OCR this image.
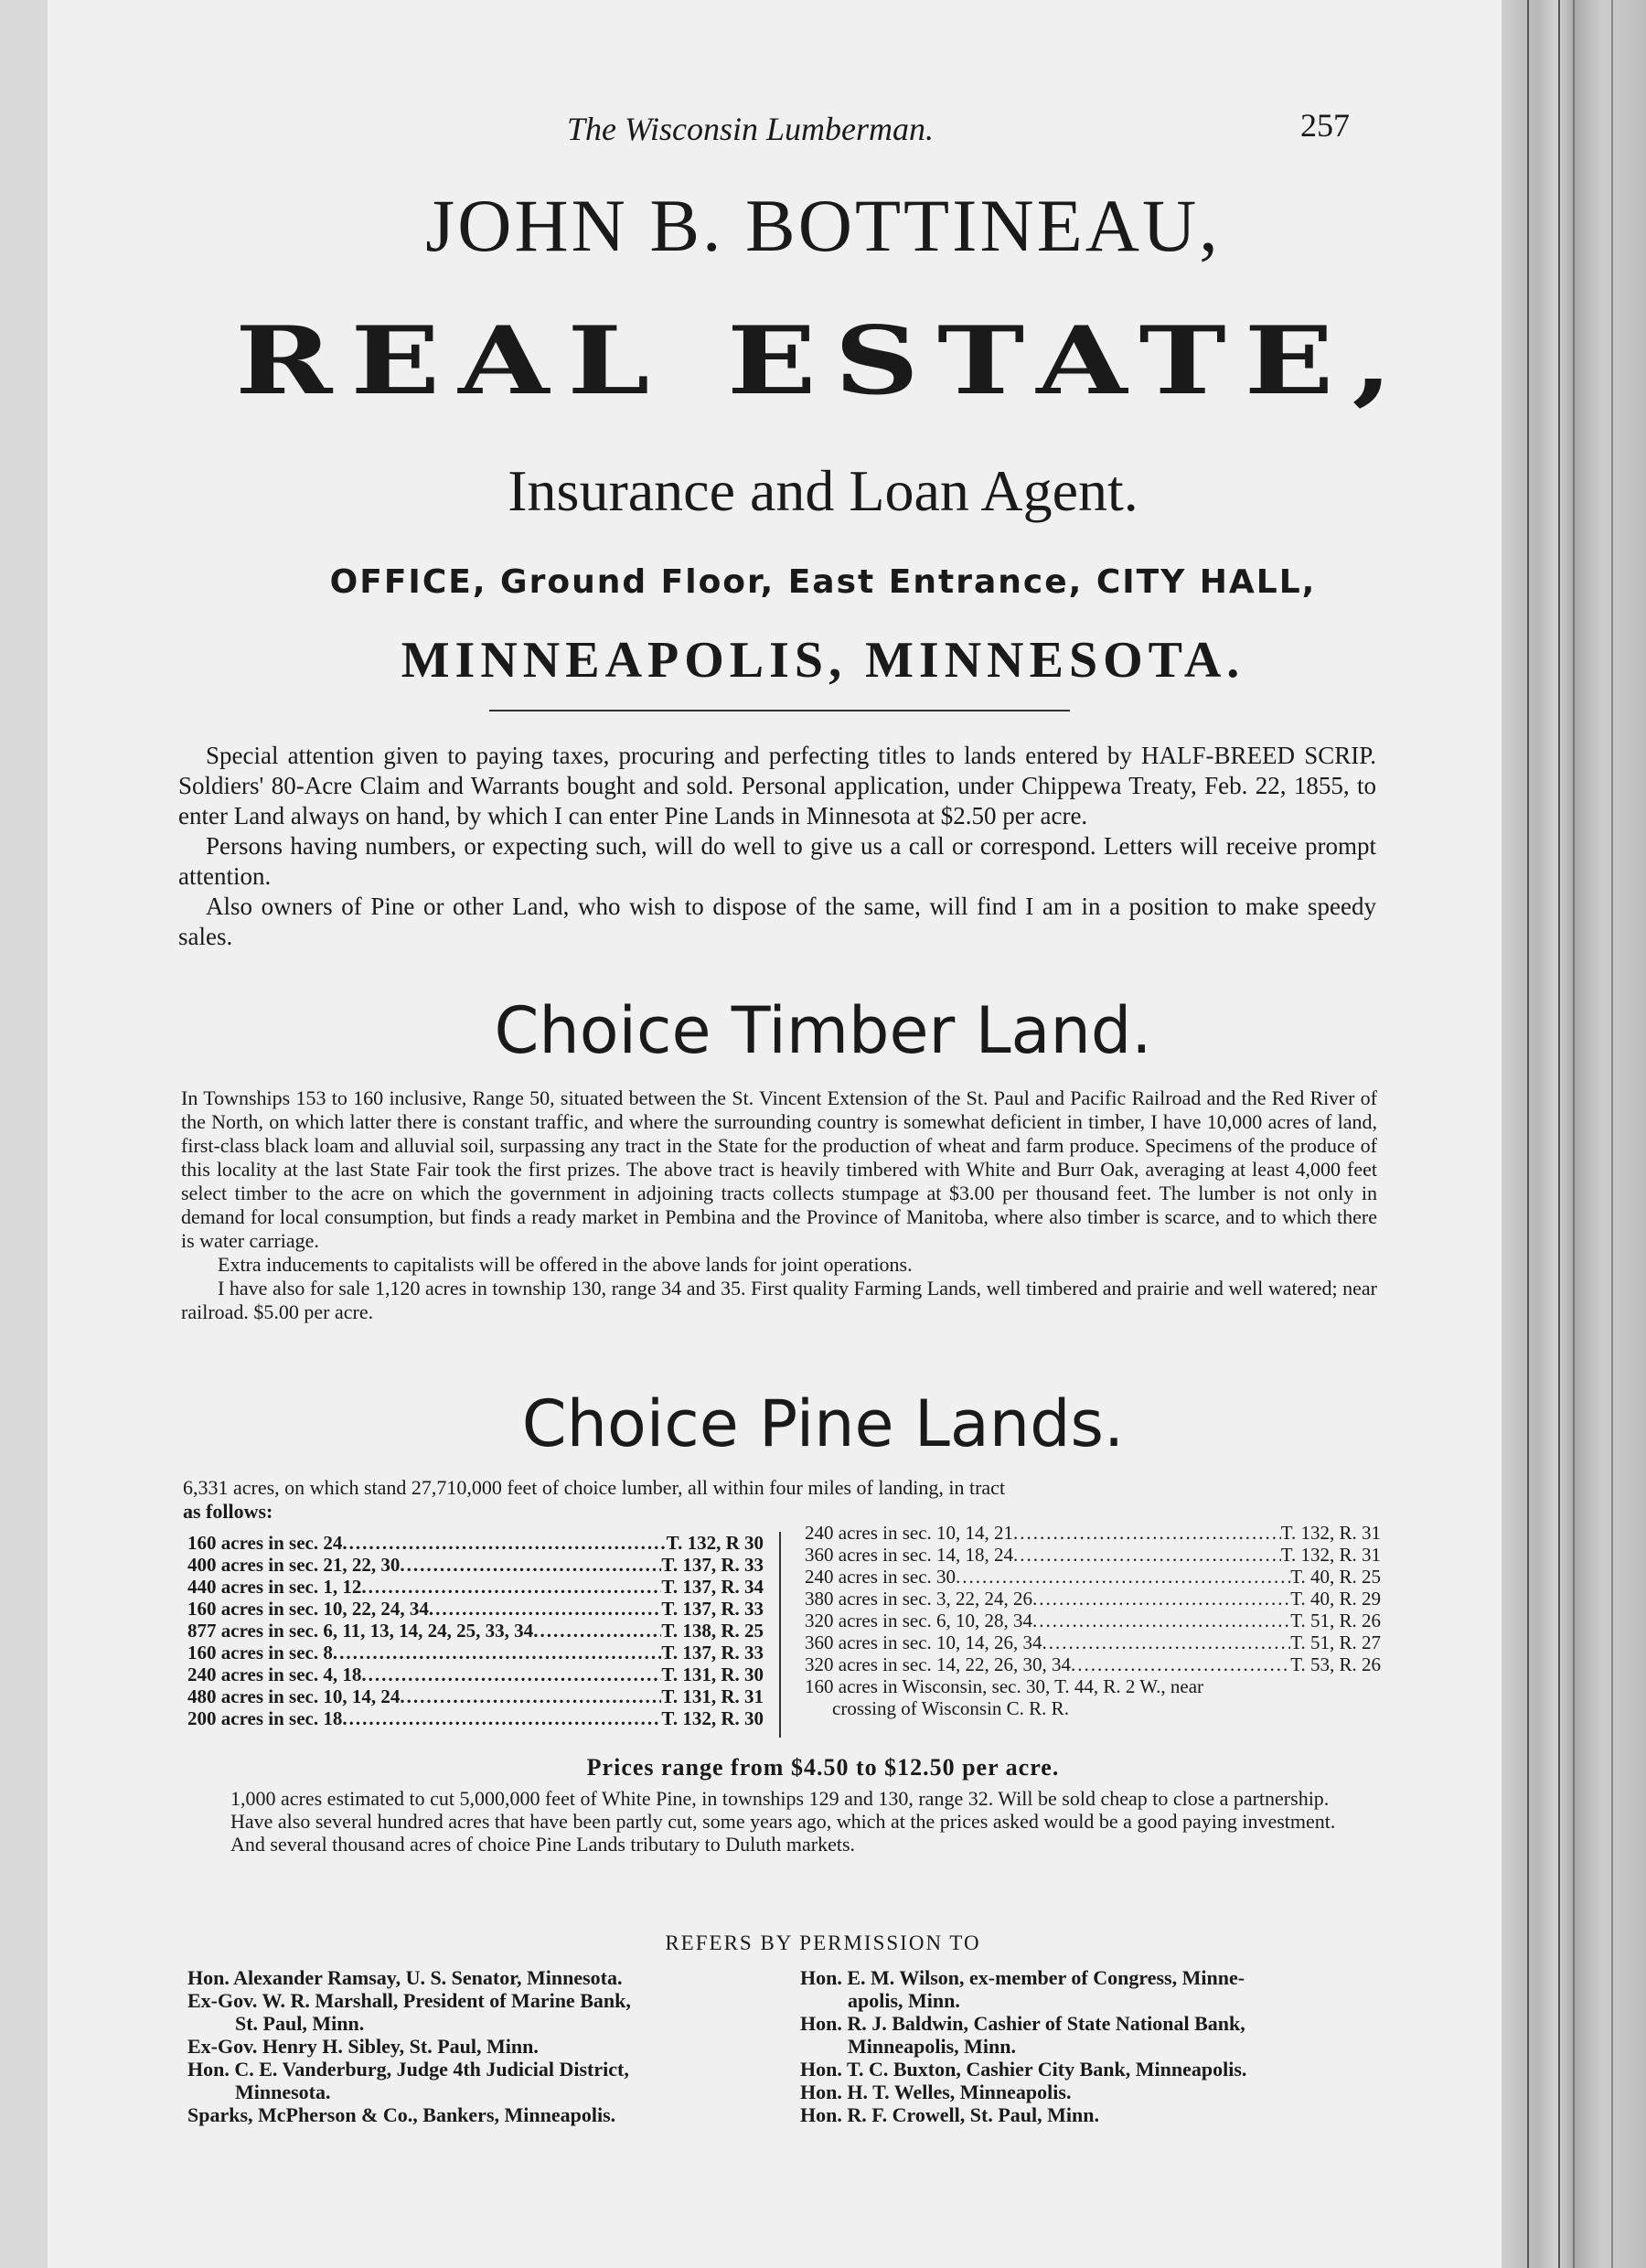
The Wisconsin Lumberman.	257
JOHN B. BOTTINEAU,
REAL ESTATE,
Insurance and Loan Agent.
OFFICE, Ground Floor, East Entrance, CITY HALL,
MINNEAPOLIS, MINNESOTA.

Special attention given to paying taxes, procuring and perfecting titles to lands entered by HALF-BREED SCRIP. Soldiers' 80-Acre Claim and Warrants bought and sold. Personal application, under Chippewa Treaty, Feb. 22, 1855, to enter Land always on hand, by which I can enter Pine Lands in Minnesota at $2.50 per acre.

Persons having numbers, or expecting such, will do well to give us a call or correspond. Letters will receive prompt attention.

Also owners of Pine or other Land, who wish to dispose of the same, will find I am in a position to make speedy sales.

Choice Timber Land.

In Townships 153 to 160 inclusive, Range 50, situated between the St. Vincent Extension of the St. Paul and Pacific Railroad and the Red River of the North, on which latter there is constant traffic, and where the surrounding country is somewhat deficient in timber, I have 10,000 acres of land, first-class black loam and alluvial soil, surpassing any tract in the State for the production of wheat and farm produce. Specimens of the produce of this locality at the last State Fair took the first prizes. The above tract is heavily timbered with White and Burr Oak, averaging at least 4,000 feet select timber to the acre on which the government in adjoining tracts collects stumpage at $3.00 per thousand feet. The lumber is not only in demand for local consumption, but finds a ready market in Pembina and the Province of Manitoba, where also timber is scarce, and to which there is water carriage.

Extra inducements to capitalists will be offered in the above lands for joint operations.

I have also for sale 1,120 acres in township 130, range 34 and 35. First quality Farming Lands, well timbered and prairie and well watered; near railroad. $5.00 per acre.

Choice Pine Lands.
6,331 acres, on which stand 27,710,000 feet of choice lumber, all within four miles of landing, in tract
as follows:
160 acres in sec. 24 .....	T. 132, R 30
400 acres in sec. 21, 22, 30 .....	T. 137, R. 33
440 acres in sec. 1, 12 .....	T. 137, R. 34
160 acres in sec. 10, 22, 24, 34 .....	T. 137, R. 33
877 acres in sec. 6, 11, 13, 14, 24, 25, 33, 34 .....	T. 138, R. 25
160 acres in sec. 8 .....	T. 137, R. 33
240 acres in sec. 4, 18 .....	T. 131, R. 30
480 acres in sec. 10, 14, 24 .....	T. 131, R. 31
200 acres in sec. 18 .....	T. 132, R. 30
240 acres in sec. 10, 14, 21 .....	T. 132, R. 31
360 acres in sec. 14, 18, 24 .....	T. 132, R. 31
240 acres in sec. 30 .....	T. 40, R. 25
380 acres in sec. 3, 22, 24, 26 .....	T. 40, R. 29
320 acres in sec. 6, 10, 28, 34 .....	T. 51, R. 26
360 acres in sec. 10, 14, 26, 34 .....	T. 51, R. 27
320 acres in sec. 14, 22, 26, 30, 34 .....	T. 53, R. 26
160 acres in Wisconsin, sec. 30, T. 44, R. 2 W., near
crossing of Wisconsin C. R. R.
Prices range from $4.50 to $12.50 per acre.

1,000 acres estimated to cut 5,000,000 feet of White Pine, in townships 129 and 130, range 32. Will be sold cheap to close a partnership.

Have also several hundred acres that have been partly cut, some years ago, which at the prices asked would be a good paying investment.

And several thousand acres of choice Pine Lands tributary to Duluth markets.

REFERS BY PERMISSION TO
Hon. Alexander Ramsay, U. S. Senator, Minnesota.
Ex-Gov. W. R. Marshall, President of Marine Bank,
St. Paul, Minn.
Ex-Gov. Henry H. Sibley, St. Paul, Minn.
Hon. C. E. Vanderburg, Judge 4th Judicial District,
Minnesota.
Sparks, McPherson & Co., Bankers, Minneapolis.
Hon. E. M. Wilson, ex-member of Congress, Minne-
apolis, Minn.
Hon. R. J. Baldwin, Cashier of State National Bank,
Minneapolis, Minn.
Hon. T. C. Buxton, Cashier City Bank, Minneapolis.
Hon. H. T. Welles, Minneapolis.
Hon. R. F. Crowell, St. Paul, Minn.
